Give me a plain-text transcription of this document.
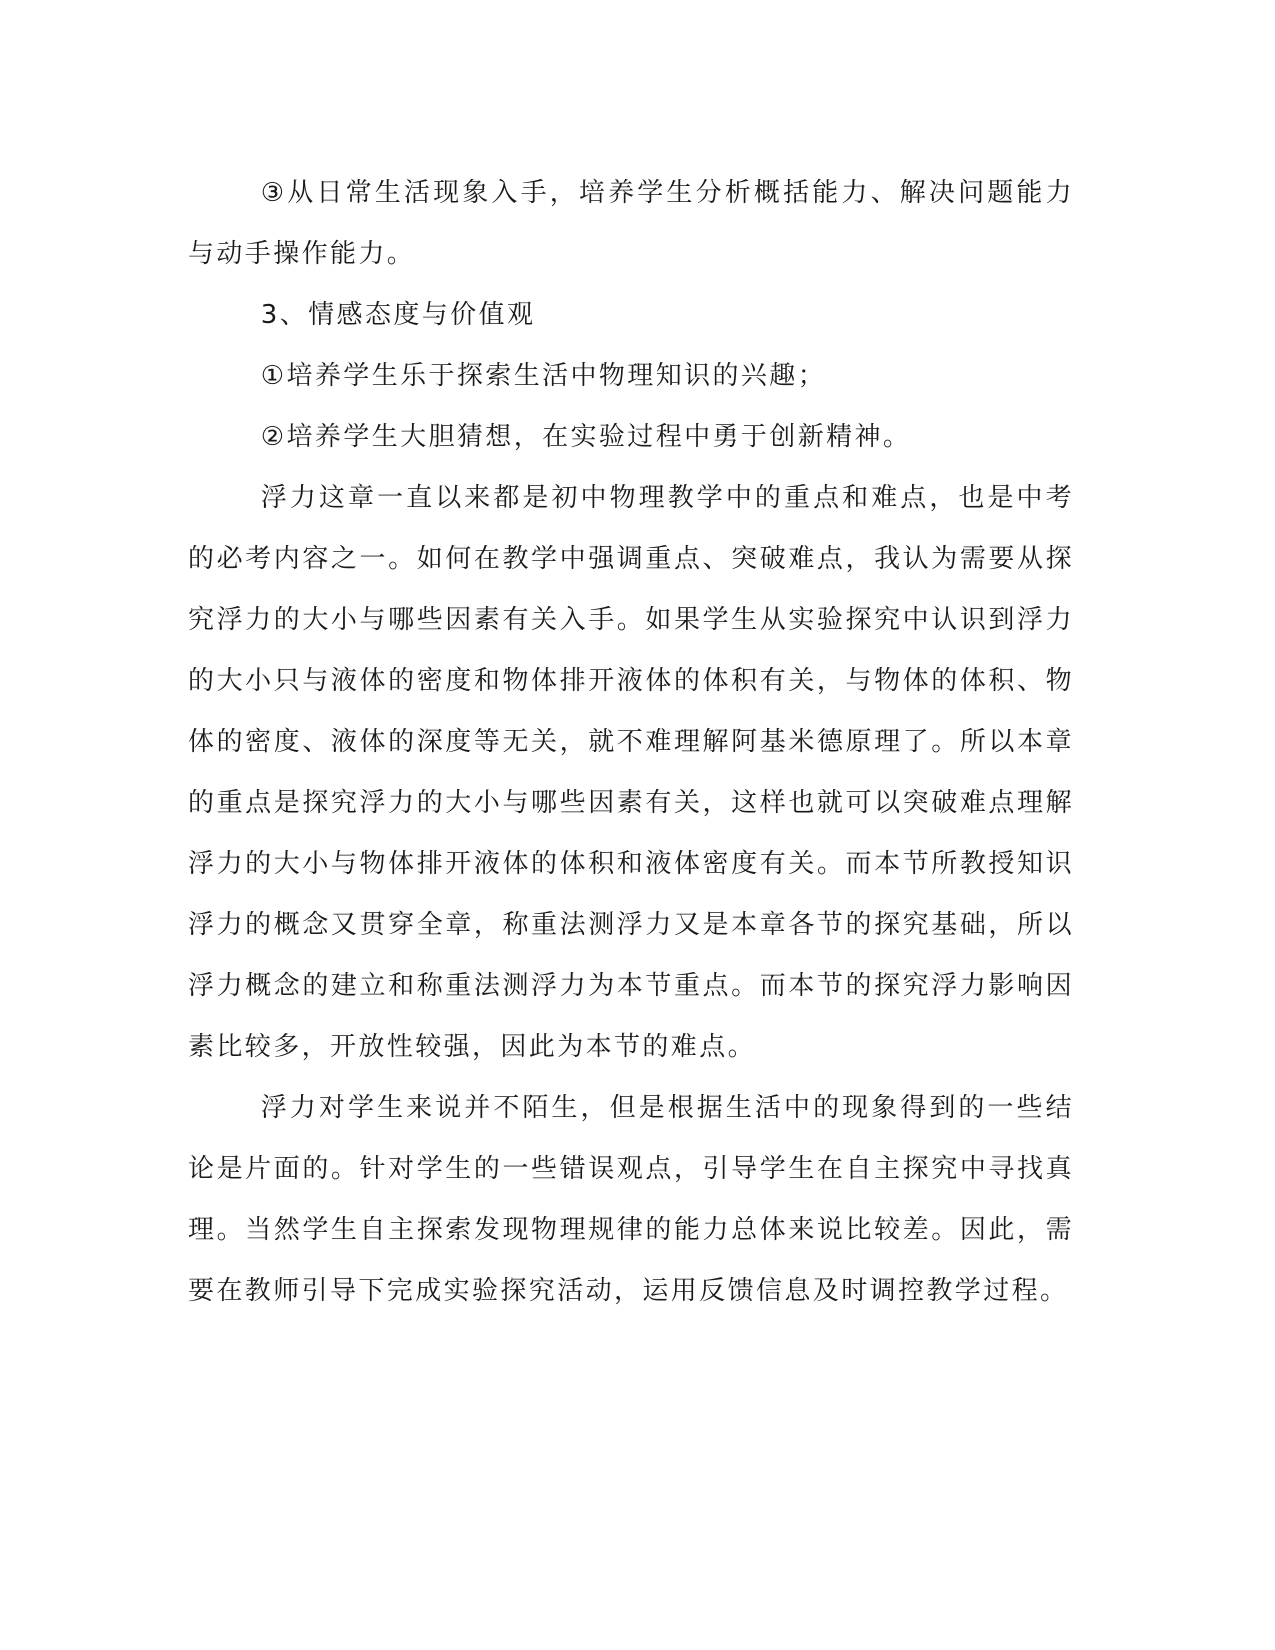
③从日常生活现象入手，培养学生分析概括能力、解决问题能力与动手操作能力。

3、情感态度与价值观

①培养学生乐于探索生活中物理知识的兴趣；

②培养学生大胆猜想，在实验过程中勇于创新精神。

浮力这章一直以来都是初中物理教学中的重点和难点，也是中考的必考内容之一。如何在教学中强调重点、突破难点，我认为需要从探究浮力的大小与哪些因素有关入手。如果学生从实验探究中认识到浮力的大小只与液体的密度和物体排开液体的体积有关，与物体的体积、物体的密度、液体的深度等无关，就不难理解阿基米德原理了。所以本章的重点是探究浮力的大小与哪些因素有关，这样也就可以突破难点理解浮力的大小与物体排开液体的体积和液体密度有关。而本节所教授知识浮力的概念又贯穿全章，称重法测浮力又是本章各节的探究基础，所以浮力概念的建立和称重法测浮力为本节重点。而本节的探究浮力影响因素比较多，开放性较强，因此为本节的难点。

浮力对学生来说并不陌生，但是根据生活中的现象得到的一些结论是片面的。针对学生的一些错误观点，引导学生在自主探究中寻找真理。当然学生自主探索发现物理规律的能力总体来说比较差。因此，需要在教师引导下完成实验探究活动，运用反馈信息及时调控教学过程。
